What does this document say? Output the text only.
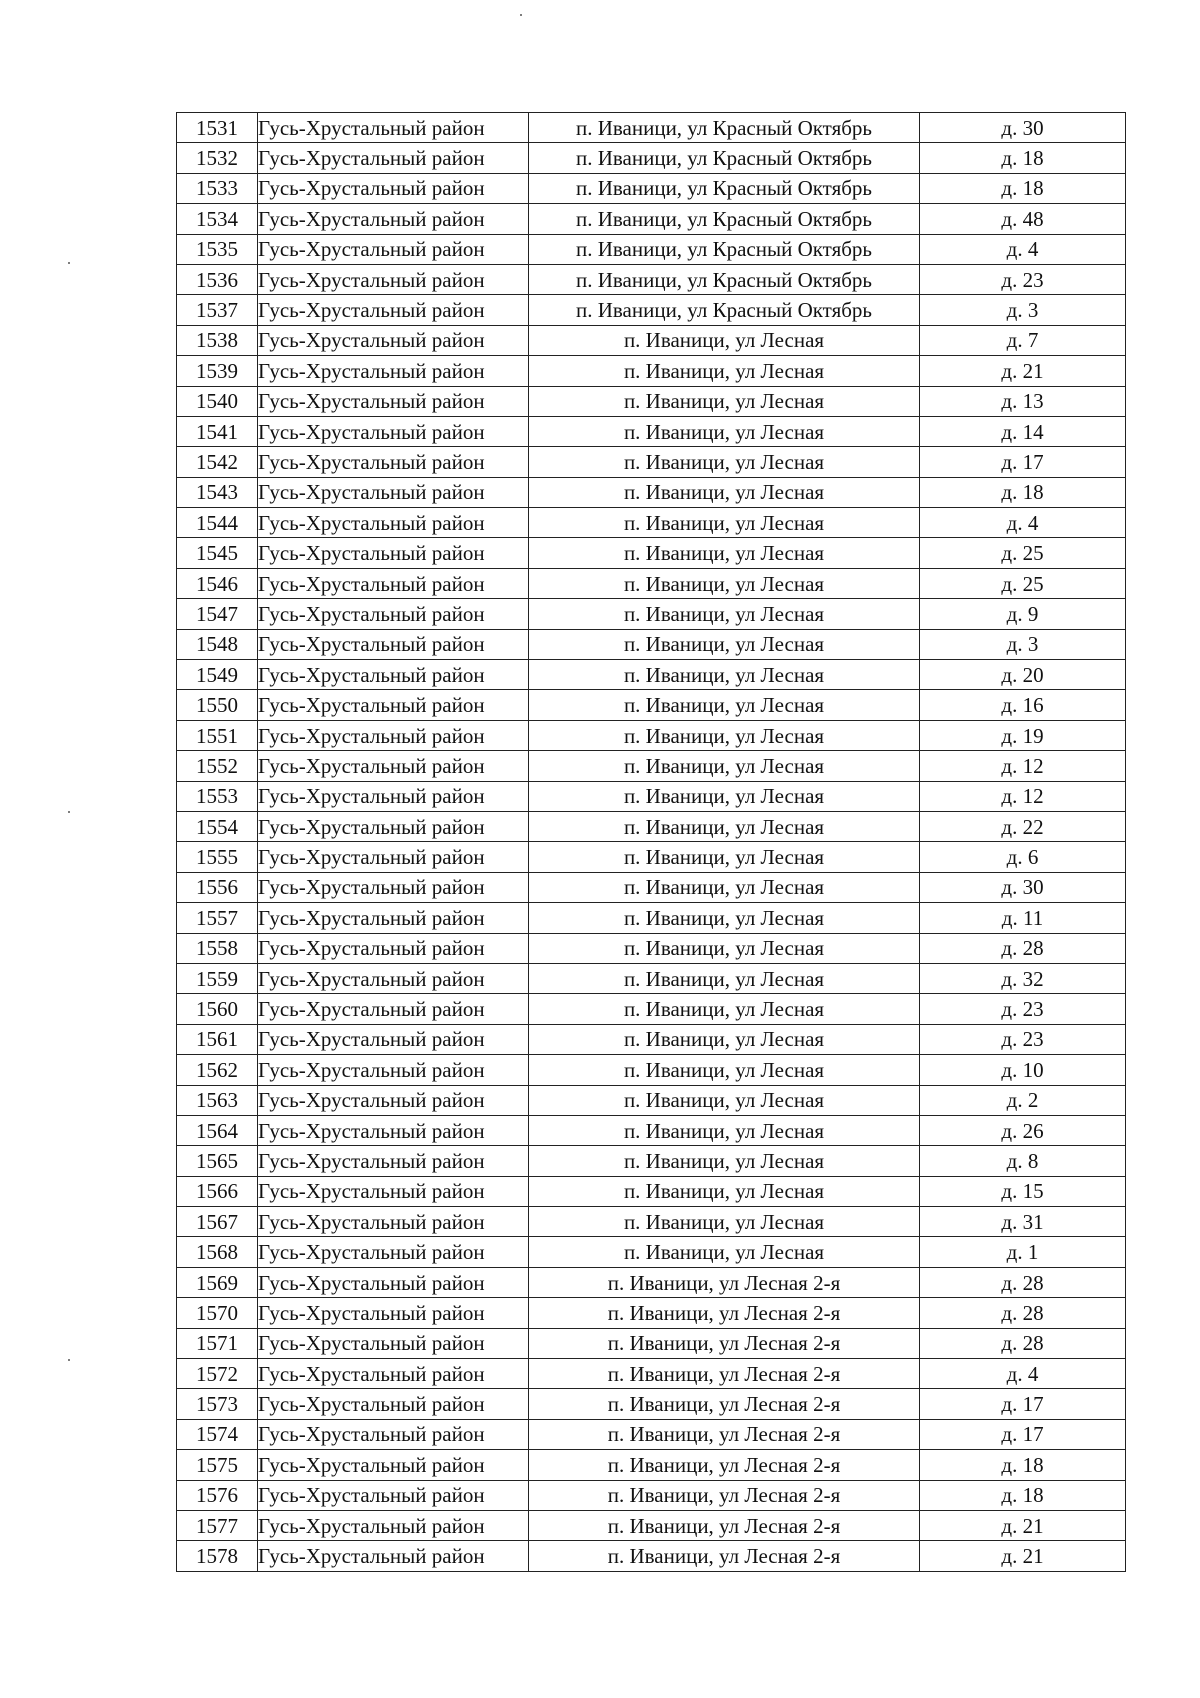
1531	Гусь-Хрустальный район	п. Иваници, ул Красный Октябрь	д. 30
1532	Гусь-Хрустальный район	п. Иваници, ул Красный Октябрь	д. 18
1533	Гусь-Хрустальный район	п. Иваници, ул Красный Октябрь	д. 18
1534	Гусь-Хрустальный район	п. Иваници, ул Красный Октябрь	д. 48
1535	Гусь-Хрустальный район	п. Иваници, ул Красный Октябрь	д. 4
1536	Гусь-Хрустальный район	п. Иваници, ул Красный Октябрь	д. 23
1537	Гусь-Хрустальный район	п. Иваници, ул Красный Октябрь	д. 3
1538	Гусь-Хрустальный район	п. Иваници, ул Лесная	д. 7
1539	Гусь-Хрустальный район	п. Иваници, ул Лесная	д. 21
1540	Гусь-Хрустальный район	п. Иваници, ул Лесная	д. 13
1541	Гусь-Хрустальный район	п. Иваници, ул Лесная	д. 14
1542	Гусь-Хрустальный район	п. Иваници, ул Лесная	д. 17
1543	Гусь-Хрустальный район	п. Иваници, ул Лесная	д. 18
1544	Гусь-Хрустальный район	п. Иваници, ул Лесная	д. 4
1545	Гусь-Хрустальный район	п. Иваници, ул Лесная	д. 25
1546	Гусь-Хрустальный район	п. Иваници, ул Лесная	д. 25
1547	Гусь-Хрустальный район	п. Иваници, ул Лесная	д. 9
1548	Гусь-Хрустальный район	п. Иваници, ул Лесная	д. 3
1549	Гусь-Хрустальный район	п. Иваници, ул Лесная	д. 20
1550	Гусь-Хрустальный район	п. Иваници, ул Лесная	д. 16
1551	Гусь-Хрустальный район	п. Иваници, ул Лесная	д. 19
1552	Гусь-Хрустальный район	п. Иваници, ул Лесная	д. 12
1553	Гусь-Хрустальный район	п. Иваници, ул Лесная	д. 12
1554	Гусь-Хрустальный район	п. Иваници, ул Лесная	д. 22
1555	Гусь-Хрустальный район	п. Иваници, ул Лесная	д. 6
1556	Гусь-Хрустальный район	п. Иваници, ул Лесная	д. 30
1557	Гусь-Хрустальный район	п. Иваници, ул Лесная	д. 11
1558	Гусь-Хрустальный район	п. Иваници, ул Лесная	д. 28
1559	Гусь-Хрустальный район	п. Иваници, ул Лесная	д. 32
1560	Гусь-Хрустальный район	п. Иваници, ул Лесная	д. 23
1561	Гусь-Хрустальный район	п. Иваници, ул Лесная	д. 23
1562	Гусь-Хрустальный район	п. Иваници, ул Лесная	д. 10
1563	Гусь-Хрустальный район	п. Иваници, ул Лесная	д. 2
1564	Гусь-Хрустальный район	п. Иваници, ул Лесная	д. 26
1565	Гусь-Хрустальный район	п. Иваници, ул Лесная	д. 8
1566	Гусь-Хрустальный район	п. Иваници, ул Лесная	д. 15
1567	Гусь-Хрустальный район	п. Иваници, ул Лесная	д. 31
1568	Гусь-Хрустальный район	п. Иваници, ул Лесная	д. 1
1569	Гусь-Хрустальный район	п. Иваници, ул Лесная 2-я	д. 28
1570	Гусь-Хрустальный район	п. Иваници, ул Лесная 2-я	д. 28
1571	Гусь-Хрустальный район	п. Иваници, ул Лесная 2-я	д. 28
1572	Гусь-Хрустальный район	п. Иваници, ул Лесная 2-я	д. 4
1573	Гусь-Хрустальный район	п. Иваници, ул Лесная 2-я	д. 17
1574	Гусь-Хрустальный район	п. Иваници, ул Лесная 2-я	д. 17
1575	Гусь-Хрустальный район	п. Иваници, ул Лесная 2-я	д. 18
1576	Гусь-Хрустальный район	п. Иваници, ул Лесная 2-я	д. 18
1577	Гусь-Хрустальный район	п. Иваници, ул Лесная 2-я	д. 21
1578	Гусь-Хрустальный район	п. Иваници, ул Лесная 2-я	д. 21
